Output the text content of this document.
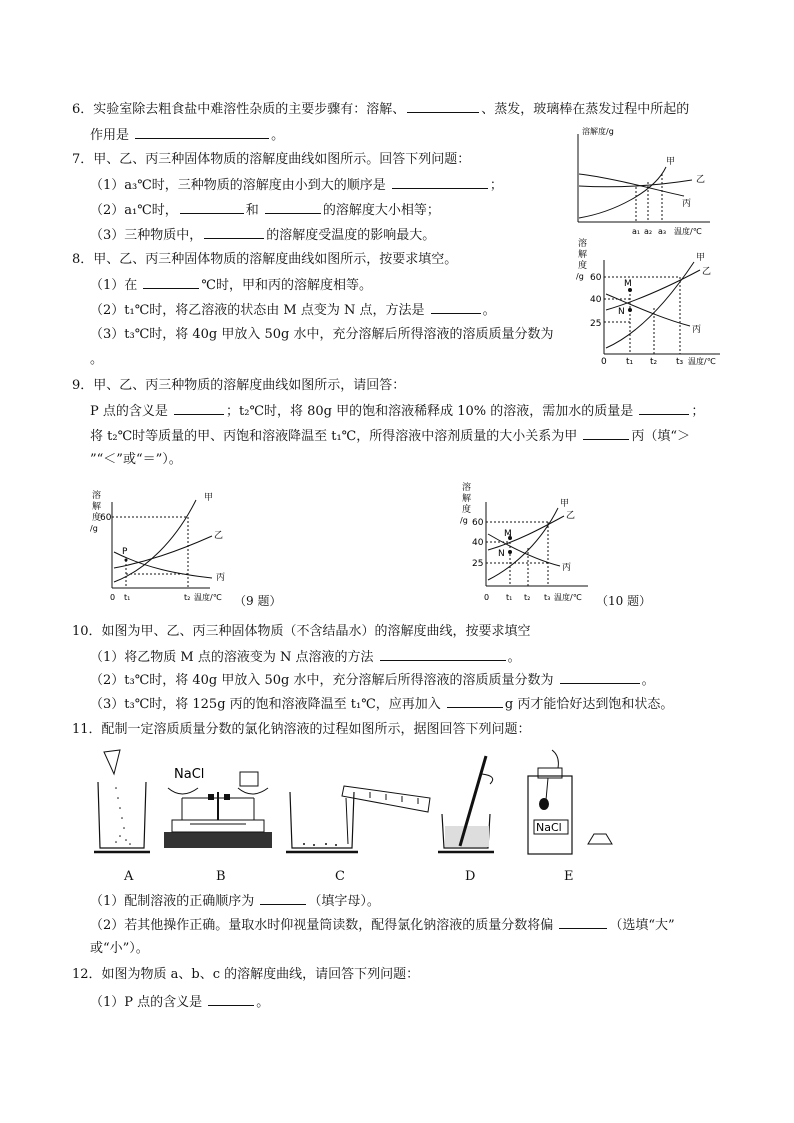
6．实验室除去粗食盐中难溶性杂质的主要步骤有：溶解、	、蒸发，玻璃棒在蒸发过程中所起的
作用是	。
7．甲、乙、丙三种固体物质的溶解度曲线如图所示。回答下列问题：
（1）a₃℃时，三种物质的溶解度由小到大的顺序是	；
（2）a₁℃时，	和	的溶解度大小相等；
（3）三种物质中，	的溶解度受温度的影响最大。
溶解度/g
甲
乙
丙
a₁ a₂ a₃ 温度/℃
8．甲、乙、丙三种固体物质的溶解度曲线如图所示，按要求填空。
（1）在	℃时，甲和丙的溶解度相等。
（2）t₁℃时，将乙溶液的状态由 M 点变为 N 点，方法是	。
（3）t₃℃时，将 40g 甲放入 50g 水中，充分溶解后所得溶液的溶质质量分数为
。
溶
解
度
/g 60
40
25
M
N
甲
乙
丙
0 t₁ t₂ t₃ 温度/℃
9．甲、乙、丙三种物质的溶解度曲线如图所示，请回答：
P 点的含义是	；t₂℃时，将 80g 甲的饱和溶液稀释成 10% 的溶液，需加水的质量是	；
将 t₂℃时等质量的甲、丙饱和溶液降温至 t₁℃，所得溶液中溶剂质量的大小关系为甲	丙（填“＞
”“＜”或“＝”）。
溶
解
度
/g
60
P
甲
乙
丙
0 t₁	t₂ 温度/℃ （9 题）
溶
解
度
/g 60
40
25
M
N
甲
乙
丙
0 t₁ t₂ t₃ 温度/℃ （10 题）
10．如图为甲、乙、丙三种固体物质（不含结晶水）的溶解度曲线，按要求填空
（1）将乙物质 M 点的溶液变为 N 点溶液的方法	。
（2）t₃℃时，将 40g 甲放入 50g 水中，充分溶解后所得溶液的溶质质量分数为	。
（3）t₃℃时，将 125g 丙的饱和溶液降温至 t₁℃，应再加入	g 丙才能恰好达到饱和状态。
11．配制一定溶质质量分数的氯化钠溶液的过程如图所示，据图回答下列问题：
NaCl
NaCl
A	B	C	D	E
（1）配制溶液的正确顺序为	（填字母）。
（2）若其他操作正确。量取水时仰视量筒读数，配得氯化钠溶液的质量分数将偏	（选填“大”
或“小”）。
12．如图为物质 a、b、c 的溶解度曲线，请回答下列问题：
（1）P 点的含义是	。
